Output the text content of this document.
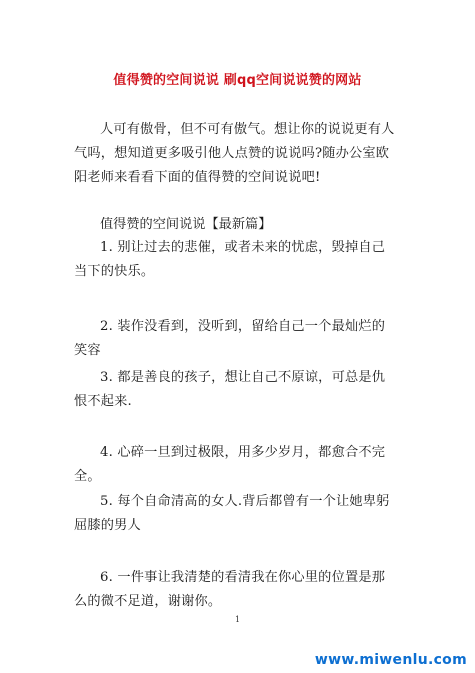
值得赞的空间说说 刷qq空间说说赞的网站

人可有傲骨，但不可有傲气。想让你的说说更有人气吗，想知道更多吸引他人点赞的说说吗?随办公室欧阳老师来看看下面的值得赞的空间说说吧!

值得赞的空间说说【最新篇】

1. 别让过去的悲催，或者未来的忧虑，毁掉自己当下的快乐。

2. 装作没看到，没听到，留给自己一个最灿烂的笑容

3. 都是善良的孩子，想让自己不原谅，可总是仇恨不起来.

4. 心碎一旦到过极限，用多少岁月，都愈合不完全。

5. 每个自命清高的女人.背后都曾有一个让她卑躬屈膝的男人

6. 一件事让我清楚的看清我在你心里的位置是那么的微不足道，谢谢你。

1
www.miwenlu.com
